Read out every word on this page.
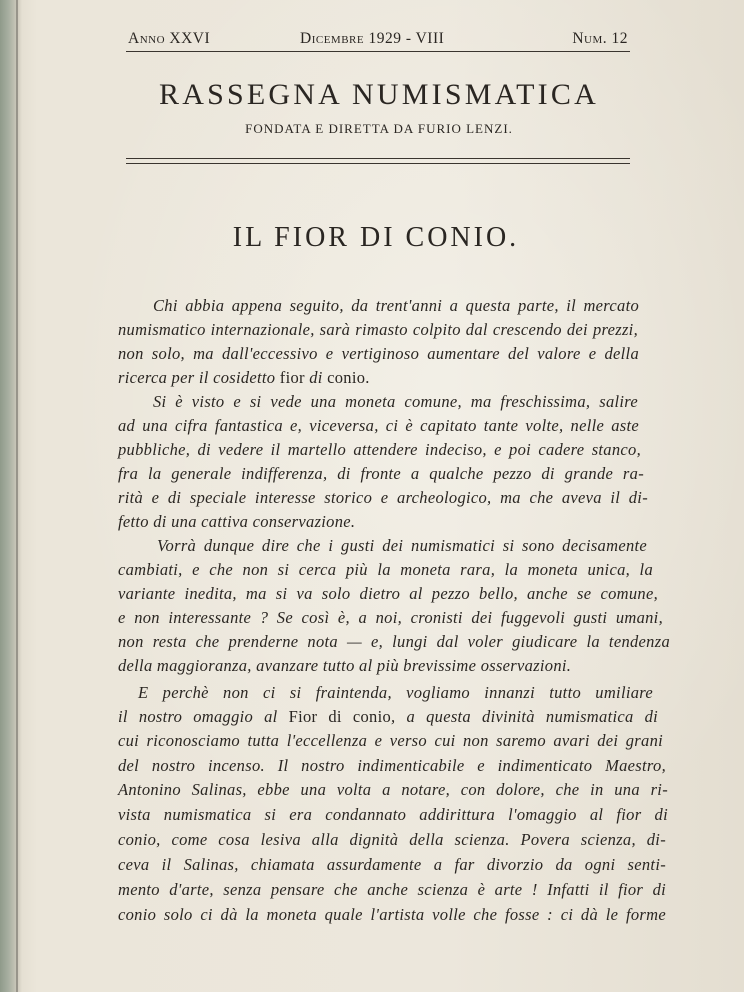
Anno XXVI	Dicembre 1929 - VIII	Num. 12
RASSEGNA NUMISMATICA
FONDATA E DIRETTA DA FURIO LENZI.
IL FIOR DI CONIO.
Chi abbia appena seguito, da trent'anni a questa parte, il mercato
numismatico internazionale, sarà rimasto colpito dal crescendo dei prezzi,
non solo, ma dall'eccessivo e vertiginoso aumentare del valore e della
ricerca per il cosidetto fior di conio.
Si è visto e si vede una moneta comune, ma freschissima, salire
ad una cifra fantastica e, viceversa, ci è capitato tante volte, nelle aste
pubbliche, di vedere il martello attendere indeciso, e poi cadere stanco,
fra la generale indifferenza, di fronte a qualche pezzo di grande ra-
rità e di speciale interesse storico e archeologico, ma che aveva il di-
fetto di una cattiva conservazione.
Vorrà dunque dire che i gusti dei numismatici si sono decisamente
cambiati, e che non si cerca più la moneta rara, la moneta unica, la
variante inedita, ma si va solo dietro al pezzo bello, anche se comune,
e non interessante ? Se così è, a noi, cronisti dei fuggevoli gusti umani,
non resta che prenderne nota — e, lungi dal voler giudicare la tendenza
della maggioranza, avanzare tutto al più brevissime osservazioni.
E perchè non ci si fraintenda, vogliamo innanzi tutto umiliare
il nostro omaggio al Fior di conio, a questa divinità numismatica di
cui riconosciamo tutta l'eccellenza e verso cui non saremo avari dei grani
del nostro incenso. Il nostro indimenticabile e indimenticato Maestro,
Antonino Salinas, ebbe una volta a notare, con dolore, che in una ri-
vista numismatica si era condannato addirittura l'omaggio al fior di
conio, come cosa lesiva alla dignità della scienza. Povera scienza, di-
ceva il Salinas, chiamata assurdamente a far divorzio da ogni senti-
mento d'arte, senza pensare che anche scienza è arte ! Infatti il fior di
conio solo ci dà la moneta quale l'artista volle che fosse : ci dà le forme
